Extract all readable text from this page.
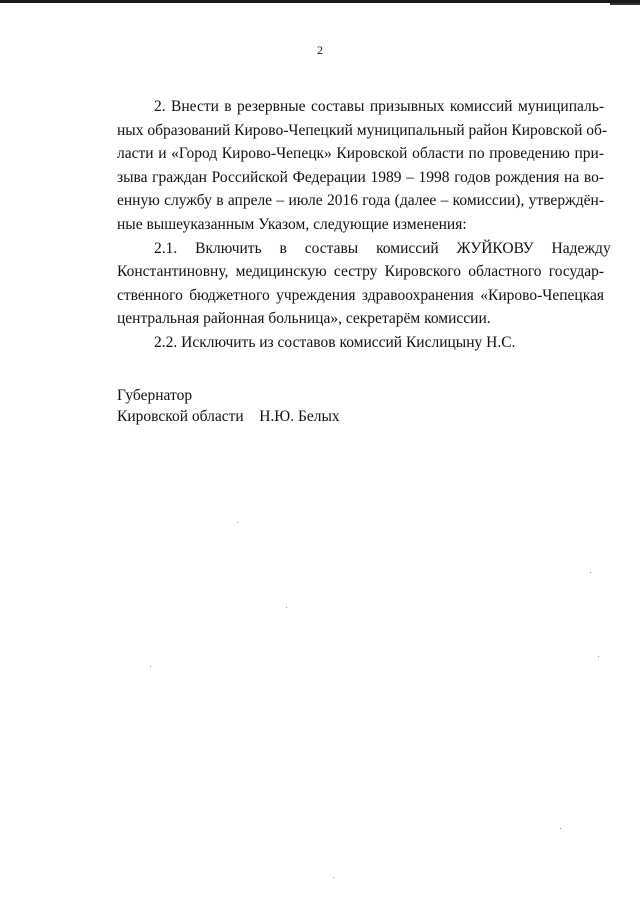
2

2. Внести в резервные составы призывных комиссий муниципаль-
ных образований Кирово-Чепецкий муниципальный район Кировской об-
ласти и «Город Кирово-Чепецк» Кировской области по проведению при-
зыва граждан Российской Федерации 1989 – 1998 годов рождения на во-
енную службу в апреле – июле 2016 года (далее – комиссии), утверждён-
ные вышеуказанным Указом, следующие изменения:

2.1. Включить в составы комиссий ЖУЙКОВУ Надежду
Константиновну, медицинскую сестру Кировского областного государ-
ственного бюджетного учреждения здравоохранения «Кирово-Чепецкая
центральная районная больница», секретарём комиссии.

2.2. Исключить из составов комиссий Кислицыну Н.С.

Губернатор
Кировской области    Н.Ю. Белых
